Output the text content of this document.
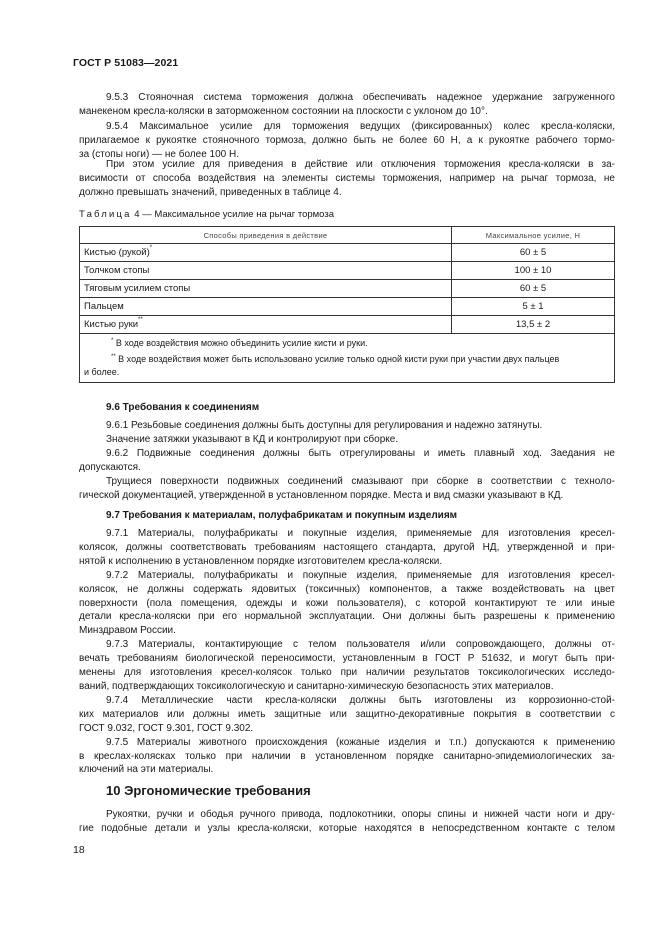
ГОСТ Р 51083—2021
9.5.3 Стояночная система торможения должна обеспечивать надежное удержание загруженного
манекеном кресла-коляски в заторможенном состоянии на плоскости с уклоном до 10°.
9.5.4 Максимальное усилие для торможения ведущих (фиксированных) колес кресла-коляски,
прилагаемое к рукоятке стояночного тормоза, должно быть не более 60 Н, а к рукоятке рабочего тормо-
за (стопы ноги) — не более 100 Н.
При этом усилие для приведения в действие или отключения торможения кресла-коляски в за-
висимости от способа воздействия на элементы системы торможения, например на рычаг тормоза, не
должно превышать значений, приведенных в таблице 4.
Таблица 4 — Максимальное усилие на рычаг тормоза
Способы приведения в действие	Максимальное усилие, Н
Кистью (рукой)*	60 ± 5
Толчком стопы	100 ± 10
Тяговым усилием стопы	60 ± 5
Пальцем	5 ± 1
Кистью руки**	13,5 ± 2

* В ходе воздействия можно объединить усилие кисти и руки.
** В ходе воздействия может быть использовано усилие только одной кисти руки при участии двух пальцев
и более.	
9.6 Требования к соединениям
9.6.1 Резьбовые соединения должны быть доступны для регулирования и надежно затянуты.
Значение затяжки указывают в КД и контролируют при сборке.
9.6.2 Подвижные соединения должны быть отрегулированы и иметь плавный ход. Заедания не
допускаются.
Трущиеся поверхности подвижных соединений смазывают при сборке в соответствии с техноло-
гической документацией, утвержденной в установленном порядке. Места и вид смазки указывают в КД.
9.7 Требования к материалам, полуфабрикатам и покупным изделиям
9.7.1 Материалы, полуфабрикаты и покупные изделия, применяемые для изготовления кресел-
колясок, должны соответствовать требованиям настоящего стандарта, другой НД, утвержденной и при-
нятой к исполнению в установленном порядке изготовителем кресла-коляски.
9.7.2 Материалы, полуфабрикаты и покупные изделия, применяемые для изготовления кресел-
колясок, не должны содержать ядовитых (токсичных) компонентов, а также воздействовать на цвет
поверхности (пола помещения, одежды и кожи пользователя), с которой контактируют те или иные
детали кресла-коляски при его нормальной эксплуатации. Они должны быть разрешены к применению
Минздравом России.
9.7.3 Материалы, контактирующие с телом пользователя и/или сопровождающего, должны от-
вечать требованиям биологической переносимости, установленным в ГОСТ Р 51632, и могут быть при-
менены для изготовления кресел-колясок только при наличии результатов токсикологических исследо-
ваний, подтверждающих токсикологическую и санитарно-химическую безопасность этих материалов.
9.7.4 Металлические части кресла-коляски должны быть изготовлены из коррозионно-стой-
ких материалов или должны иметь защитные или защитно-декоративные покрытия в соответствии с
ГОСТ 9.032, ГОСТ 9.301, ГОСТ 9.302.
9.7.5 Материалы животного происхождения (кожаные изделия и т.п.) допускаются к применению
в креслах-колясках только при наличии в установленном порядке санитарно-эпидемиологических за-
ключений на эти материалы.
10 Эргономические требования
Рукоятки, ручки и ободья ручного привода, подлокотники, опоры спины и нижней части ноги и дру-
гие подобные детали и узлы кресла-коляски, которые находятся в непосредственном контакте с телом
18
